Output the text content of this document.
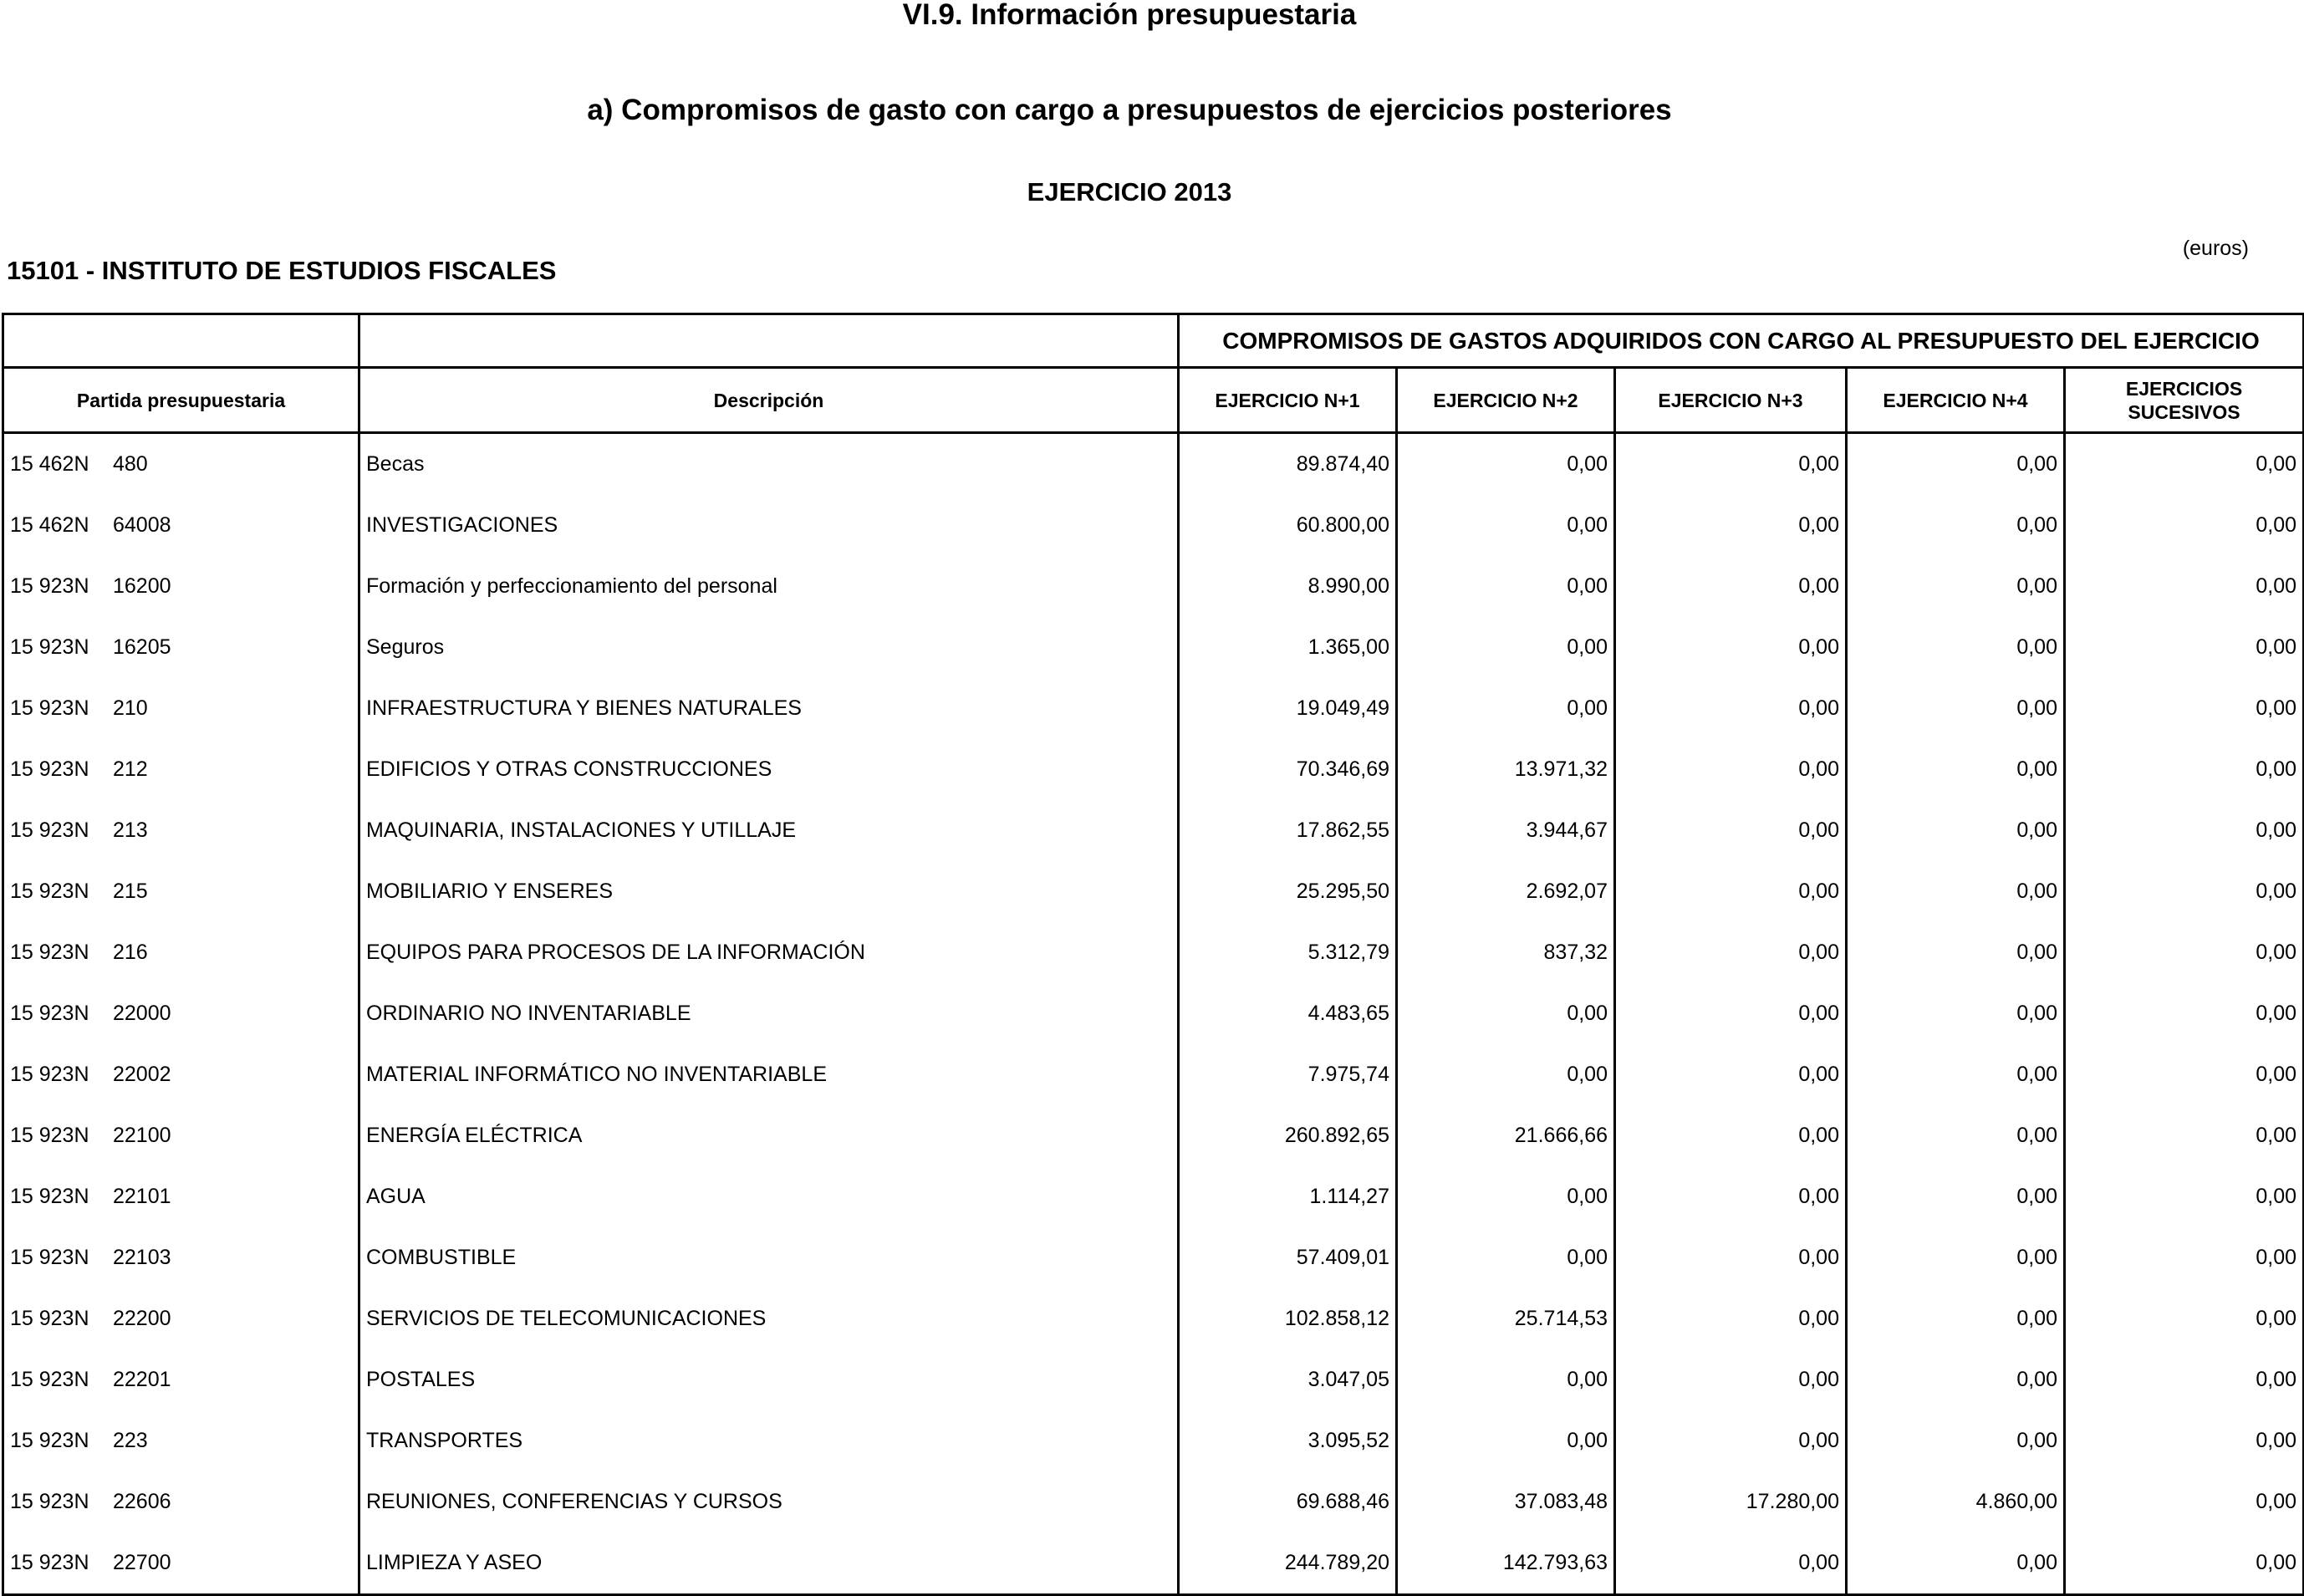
VI.9. Información presupuestaria
a) Compromisos de gasto con cargo a presupuestos de ejercicios posteriores
EJERCICIO 2013
(euros)
15101 - INSTITUTO DE ESTUDIOS FISCALES
		COMPROMISOS DE GASTOS ADQUIRIDOS CON CARGO AL PRESUPUESTO DEL EJERCICIO				
Partida presupuestaria	Descripción	EJERCICIO N+1	EJERCICIO N+2	EJERCICIO N+3	EJERCICIO N+4	EJERCICIOS SUCESIVOS
15 462N 480	Becas	89.874,40	0,00	0,00	0,00	0,00
15 462N 64008	INVESTIGACIONES	60.800,00	0,00	0,00	0,00	0,00
15 923N 16200	Formación y perfeccionamiento del personal	8.990,00	0,00	0,00	0,00	0,00
15 923N 16205	Seguros	1.365,00	0,00	0,00	0,00	0,00
15 923N 210	INFRAESTRUCTURA Y BIENES NATURALES	19.049,49	0,00	0,00	0,00	0,00
15 923N 212	EDIFICIOS Y OTRAS CONSTRUCCIONES	70.346,69	13.971,32	0,00	0,00	0,00
15 923N 213	MAQUINARIA, INSTALACIONES Y UTILLAJE	17.862,55	3.944,67	0,00	0,00	0,00
15 923N 215	MOBILIARIO Y ENSERES	25.295,50	2.692,07	0,00	0,00	0,00
15 923N 216	EQUIPOS PARA PROCESOS DE LA INFORMACIÓN	5.312,79	837,32	0,00	0,00	0,00
15 923N 22000	ORDINARIO NO INVENTARIABLE	4.483,65	0,00	0,00	0,00	0,00
15 923N 22002	MATERIAL INFORMÁTICO NO INVENTARIABLE	7.975,74	0,00	0,00	0,00	0,00
15 923N 22100	ENERGÍA ELÉCTRICA	260.892,65	21.666,66	0,00	0,00	0,00
15 923N 22101	AGUA	1.114,27	0,00	0,00	0,00	0,00
15 923N 22103	COMBUSTIBLE	57.409,01	0,00	0,00	0,00	0,00
15 923N 22200	SERVICIOS DE TELECOMUNICACIONES	102.858,12	25.714,53	0,00	0,00	0,00
15 923N 22201	POSTALES	3.047,05	0,00	0,00	0,00	0,00
15 923N 223	TRANSPORTES	3.095,52	0,00	0,00	0,00	0,00
15 923N 22606	REUNIONES, CONFERENCIAS Y CURSOS	69.688,46	37.083,48	17.280,00	4.860,00	0,00
15 923N 22700	LIMPIEZA Y ASEO	244.789,20	142.793,63	0,00	0,00	0,00
